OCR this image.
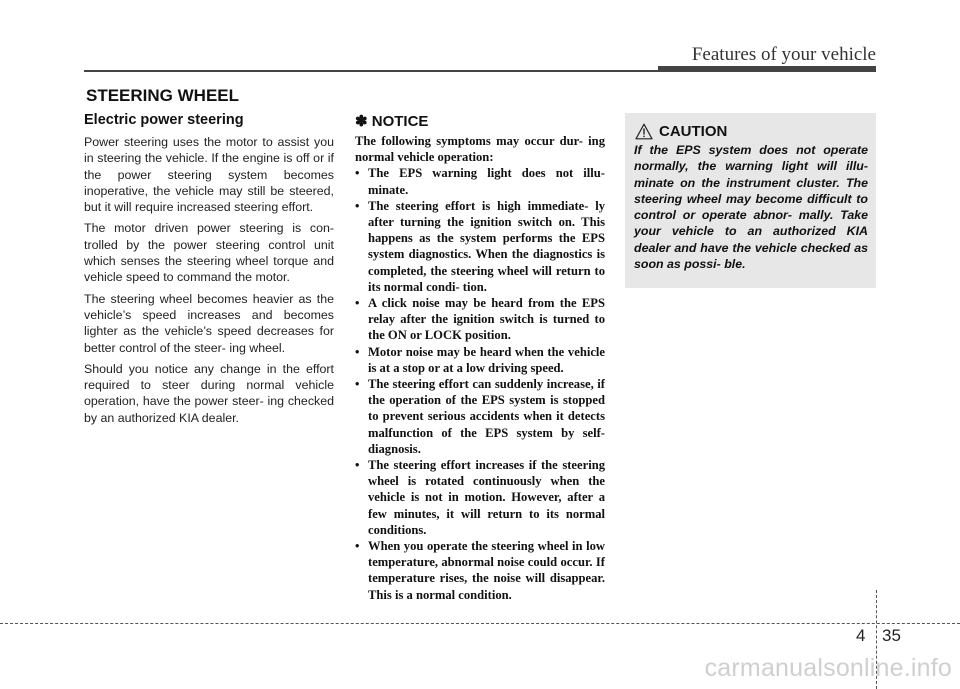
Features of your vehicle
STEERING WHEEL
Electric power steering

Power steering uses the motor to assist you in steering the vehicle. If the engine is off or if the power steering system becomes inoperative, the vehicle may still be steered, but it will require increased steering effort.

The motor driven power steering is con- trolled by the power steering control unit which senses the steering wheel torque and vehicle speed to command the motor.

The steering wheel becomes heavier as the vehicle’s speed increases and becomes lighter as the vehicle’s speed decreases for better control of the steer- ing wheel.

Should you notice any change in the effort required to steer during normal vehicle operation, have the power steer- ing checked by an authorized KIA dealer.

✽ NOTICE
The following symptoms may occur dur- ing normal vehicle operation:
• The EPS warning light does not illu- minate.
• The steering effort is high immediate- ly after turning the ignition switch on. This happens as the system performs the EPS system diagnostics. When the diagnostics is completed, the steering wheel will return to its normal condi- tion.
• A click noise may be heard from the EPS relay after the ignition switch is turned to the ON or LOCK position.
• Motor noise may be heard when the vehicle is at a stop or at a low driving speed.
• The steering effort can suddenly increase, if the operation of the EPS system is stopped to prevent serious accidents when it detects malfunction of the EPS system by self-diagnosis.
• The steering effort increases if the steering wheel is rotated continuously when the vehicle is not in motion. However, after a few minutes, it will return to its normal conditions.
• When you operate the steering wheel in low temperature, abnormal noise could occur. If temperature rises, the noise will disappear. This is a normal condition.
CAUTION
If the EPS system does not operate normally, the warning light will illu- minate on the instrument cluster. The steering wheel may become difficult to control or operate abnor- mally. Take your vehicle to an authorized KIA dealer and have the vehicle checked as soon as possi- ble.
4 35
carmanualsonline.info
